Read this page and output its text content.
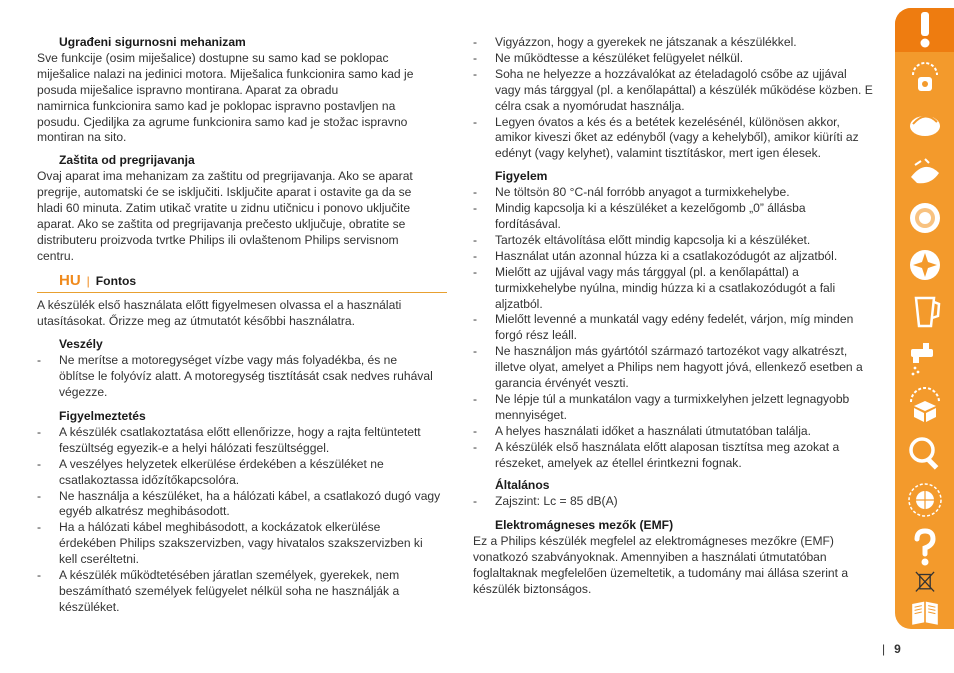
Ugrađeni sigurnosni mehanizam

Sve funkcije (osim miješalice) dostupne su samo kad se poklopac
miješalice nalazi na jedinici motora. Miješalica funkcionira samo kad je
posuda miješalice ispravno montirana. Aparat za obradu
namirnica funkcionira samo kad je poklopac ispravno postavljen na
posudu. Cjediljka za agrume funkcionira samo kad je stožac ispravno
montiran na sito.

Zaštita od pregrijavanja

Ovaj aparat ima mehanizam za zaštitu od pregrijavanja. Ako se aparat
pregrije, automatski će se isključiti. Isključite aparat i ostavite ga da se
hladi 60 minuta. Zatim utikač vratite u zidnu utičnicu i ponovo uključite
aparat. Ako se zaštita od pregrijavanja prečesto uključuje, obratite se
distributeru proizvoda tvrtke Philips ili ovlaštenom Philips servisnom
centru.
HU | Fontos
A készülék első használata előtt figyelmesen olvassa el a használati
utasításokat. Őrizze meg az útmutatót későbbi használatra.

Veszély

- Ne merítse a motoregységet vízbe vagy más folyadékba, és ne
öblítse le folyóvíz alatt. A motoregység tisztítását csak nedves ruhával
végezze.

Figyelmeztetés

- A készülék csatlakoztatása előtt ellenőrizze, hogy a rajta feltüntetett
feszültség egyezik-e a helyi hálózati feszültséggel.
- A veszélyes helyzetek elkerülése érdekében a készüléket ne
csatlakoztassa időzítőkapcsolóra.
- Ne használja a készüléket, ha a hálózati kábel, a csatlakozó dugó vagy
egyéb alkatrész meghibásodott.
- Ha a hálózati kábel meghibásodott, a kockázatok elkerülése
érdekében Philips szakszervizben, vagy hivatalos szakszervizben ki
kell cseréltetni.
- A készülék működtetésében járatlan személyek, gyerekek, nem
beszámítható személyek felügyelet nélkül soha ne használják a
készüléket.
- Vigyázzon, hogy a gyerekek ne játszanak a készülékkel.
- Ne működtesse a készüléket felügyelet nélkül.
- Soha ne helyezze a hozzávalókat az ételadagoló csőbe az ujjával
vagy más tárggyal (pl. a kenőlapáttal) a készülék működése közben. E
célra csak a nyomórudat használja.
- Legyen óvatos a kés és a betétek kezelésénél, különösen akkor,
amikor kiveszi őket az edényből (vagy a kehelyből), amikor kiüríti az
edényt (vagy kelyhet), valamint tisztításkor, mert igen élesek.

Figyelem

- Ne töltsön 80 °C-nál forróbb anyagot a turmixkehelybe.
- Mindig kapcsolja ki a készüléket a kezelőgomb „0” állásba
fordításával.
- Tartozék eltávolítása előtt mindig kapcsolja ki a készüléket.
- Használat után azonnal húzza ki a csatlakozódugót az aljzatból.
- Mielőtt az ujjával vagy más tárggyal (pl. a kenőlapáttal) a
turmixkehelybe nyúlna, mindig húzza ki a csatlakozódugót a fali
aljzatból.
- Mielőtt levenné a munkatál vagy edény fedelét, várjon, míg minden
forgó rész leáll.
- Ne használjon más gyártótól származó tartozékot vagy alkatrészt,
illetve olyat, amelyet a Philips nem hagyott jóvá, ellenkező esetben a
garancia érvényét veszti.
- Ne lépje túl a munkatálon vagy a turmixkelyhen jelzett legnagyobb
mennyiséget.
- A helyes használati időket a használati útmutatóban találja.
- A készülék első használata előtt alaposan tisztítsa meg azokat a
részeket, amelyek az étellel érintkezni fognak.

Általános

- Zajszint: Lc = 85 dB(A)

Elektromágneses mezők (EMF)

Ez a Philips készülék megfelel az elektromágneses mezőkre (EMF)
vonatkozó szabványoknak. Amennyiben a használati útmutatóban
foglaltaknak megfelelően üzemeltetik, a tudomány mai állása szerint a
készülék biztonságos.
| 9
